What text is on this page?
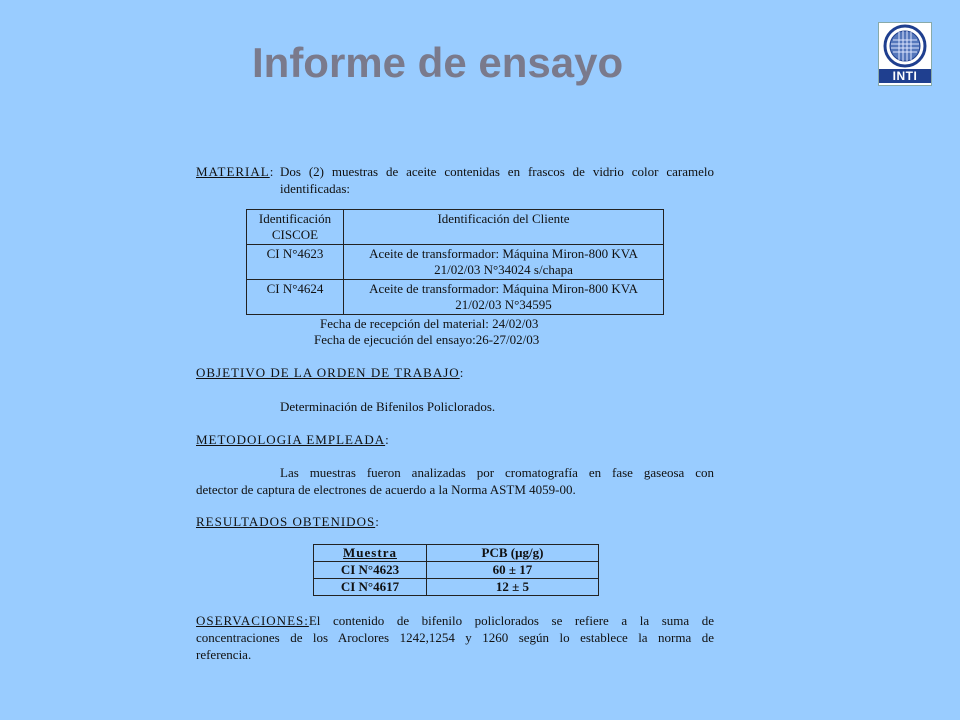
Informe de ensayo	INTI
MATERIAL: Dos (2) muestras de aceite contenidas en frascos de vidrio color caramelo
identificadas:
Identificación CISCOE	Identificación del Cliente
CI N°4623	Aceite de transformador: Máquina Miron-800 KVA 21/02/03 N°34024 s/chapa
CI N°4624	Aceite de transformador: Máquina Miron-800 KVA 21/02/03 N°34595
Fecha de recepción del material: 24/02/03
Fecha de ejecución del ensayo:26-27/02/03
OBJETIVO DE LA ORDEN DE TRABAJO:
Determinación de Bifenilos Policlorados.
METODOLOGIA EMPLEADA:
Las muestras fueron analizadas por cromatografía en fase gaseosa con
detector de captura de electrones de acuerdo a la Norma ASTM 4059-00.
RESULTADOS OBTENIDOS:
Muestra	PCB (μg/g)
CI N°4623	60 ± 17
CI N°4617	12 ± 5
OSERVACIONES:El contenido de bifenilo policlorados se refiere a la suma de
concentraciones de los Aroclores 1242,1254 y 1260 según lo establece la norma de
referencia.
